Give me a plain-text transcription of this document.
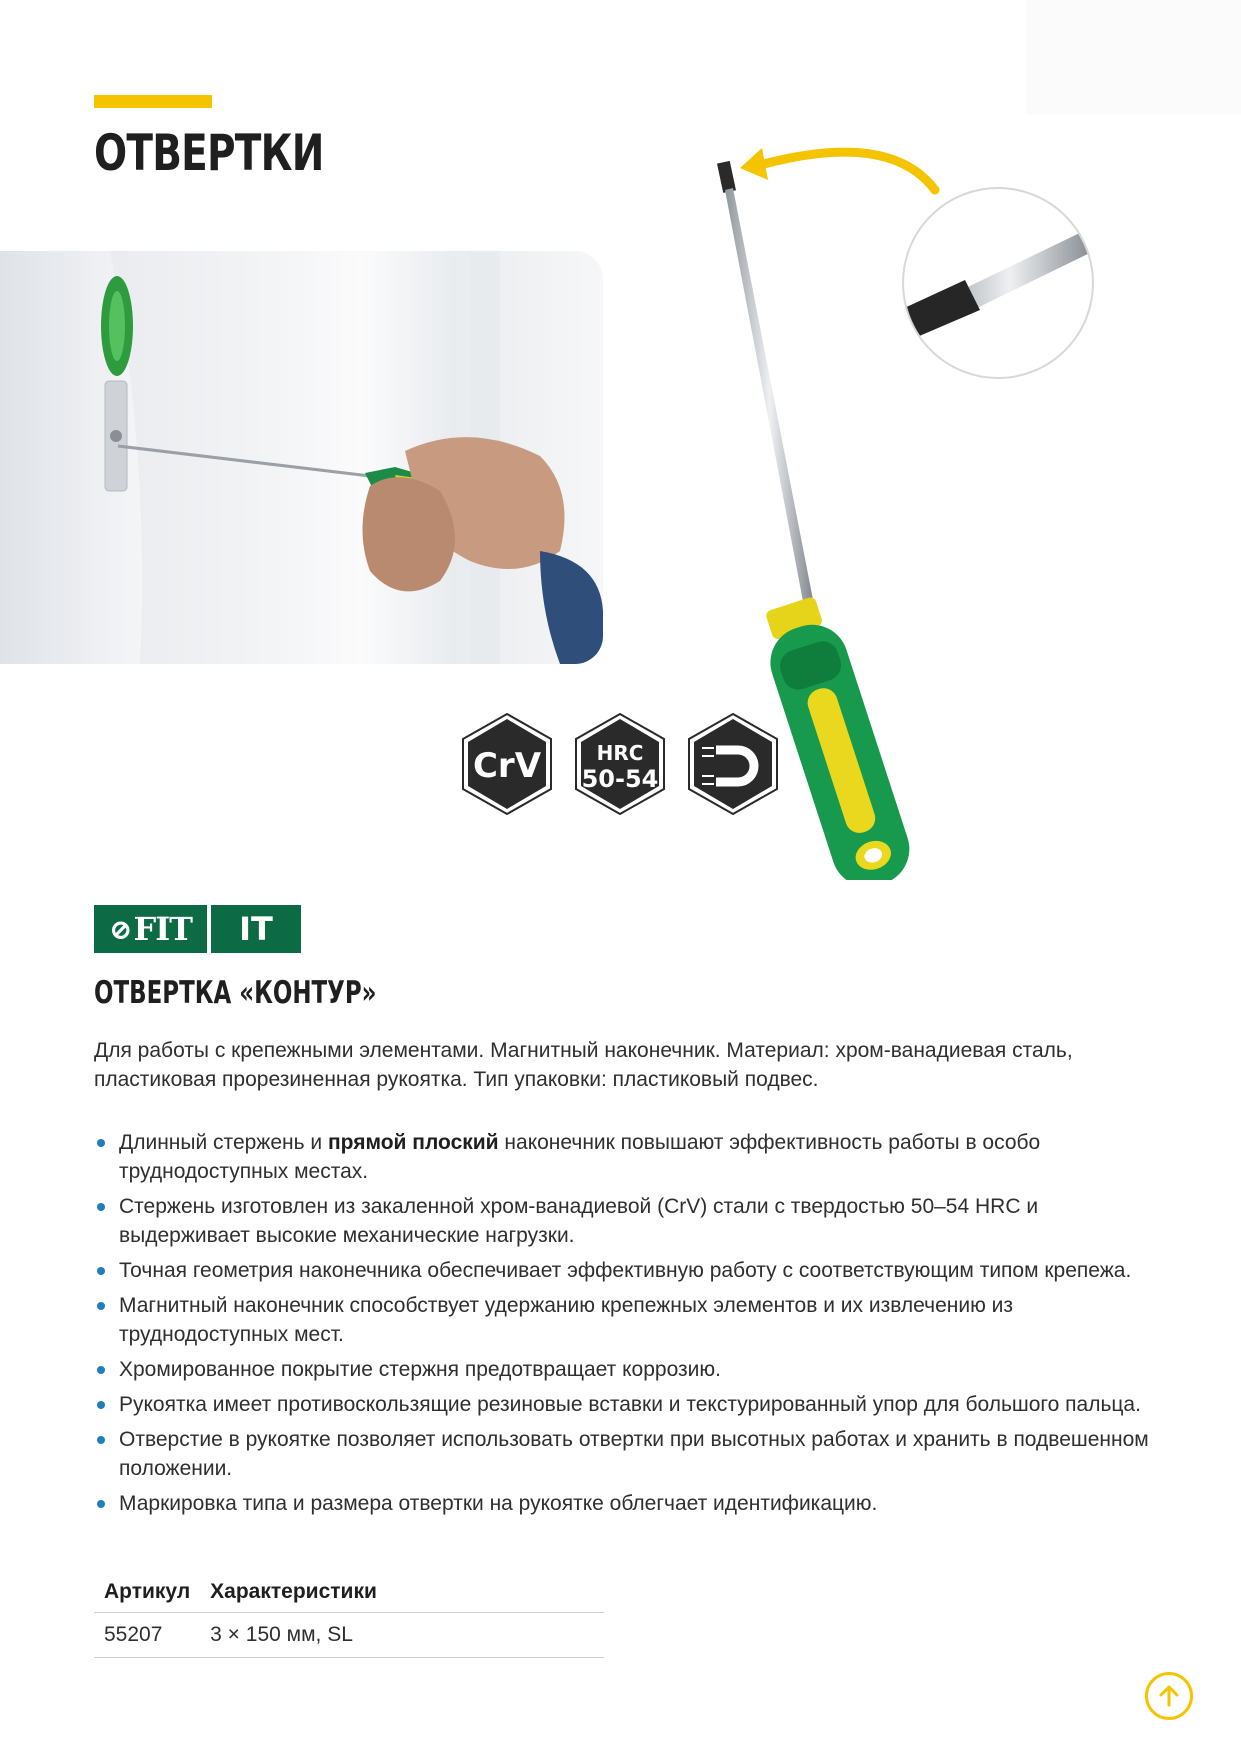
ОТВЕРТКИ
CrV	HRC
50-54
⊘ FIT	IT
ОТВЕРТКА «КОНТУР»

Для работы с крепежными элементами. Магнитный наконечник. Материал: хром-ванадиевая сталь, пластиковая прорезиненная рукоятка. Тип упаковки: пластиковый подвес.

Длинный стержень и прямой плоский наконечник повышают эффективность работы в особо труднодоступных местах.
Стержень изготовлен из закаленной хром-ванадиевой (CrV) стали с твердостью 50–54 HRC и выдерживает высокие механические нагрузки.
Точная геометрия наконечника обеспечивает эффективную работу с соответствующим типом крепежа.
Магнитный наконечник способствует удержанию крепежных элементов и их извлечению из труднодоступных мест.
Хромированное покрытие стержня предотвращает коррозию.
Рукоятка имеет противоскользящие резиновые вставки и текстурированный упор для большого пальца.
Отверстие в рукоятке позволяет использовать отвертки при высотных работах и хранить в подвешенном положении.
Маркировка типа и размера отвертки на рукоятке облегчает идентификацию.
Артикул	Характеристики
55207	3 × 150 мм, SL
